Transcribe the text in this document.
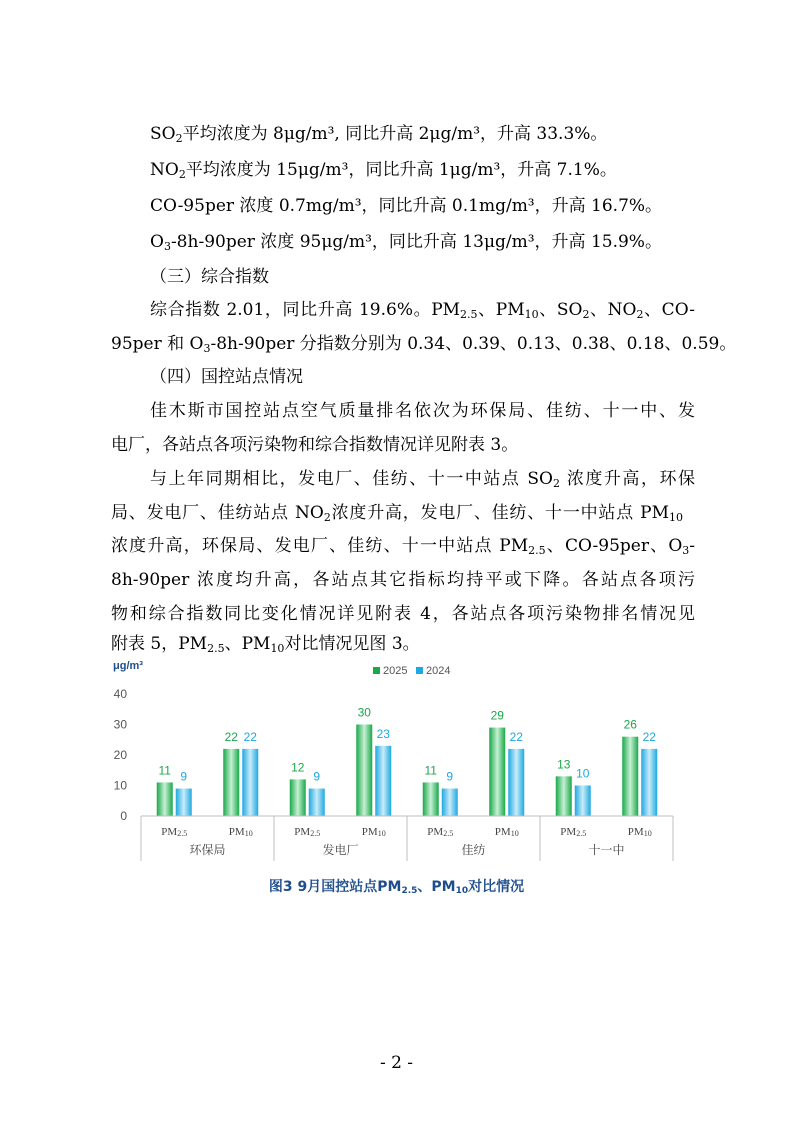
$SO_2$平均浓度为 8μg/m³, 同比升高 2μg/m³，升高 33.3%。
$NO_2$平均浓度为 15μg/m³，同比升高 1μg/m³，升高 7.1%。
CO-95per 浓度 0.7mg/m³，同比升高 0.1mg/m³，升高 16.7%。
$O_3-8h-90per$ 浓度 95μg/m³，同比升高 13μg/m³，升高 15.9%。
（三）综合指数
综合指数 2.01，同比升高 19.6%。$PM_{2.5}$、$PM_{10}$、$SO_2$、$NO_2$、CO-
95per 和 $O_3-8h-90per$ 分指数分别为 0.34、0.39、0.13、0.38、0.18、0.59。
（四）国控站点情况
佳木斯市国控站点空气质量排名依次为环保局、佳纺、十一中、发
电厂，各站点各项污染物和综合指数情况详见附表 3。
与上年同期相比，发电厂、佳纺、十一中站点 $SO_2$ 浓度升高，环保
局、发电厂、佳纺站点 $NO_2$浓度升高，发电厂、佳纺、十一中站点 $PM_{10}$
浓度升高，环保局、发电厂、佳纺、十一中站点 $PM_{2.5}$、CO-95per、$O_3-$
8h-90per 浓度均升高，各站点其它指标均持平或下降。各站点各项污
物和综合指数同比变化情况详见附表 4，各站点各项污染物排名情况见
附表 5，$PM_{2.5}$、$PM_{10}$对比情况见图 3。
μg/m³	2025 2024
0
10
20
30
40
11 9
PM2.5
22 22
PM10
12
9
PM2.5
30
23
PM10
11 9
PM2.5
29
22
PM10
13
10
PM2.5
26
22
PM10
环保局	发电厂	佳纺	十一中
图3 9月国控站点$PM_{2.5}$、$PM_{10}$对比情况
- 2 -
